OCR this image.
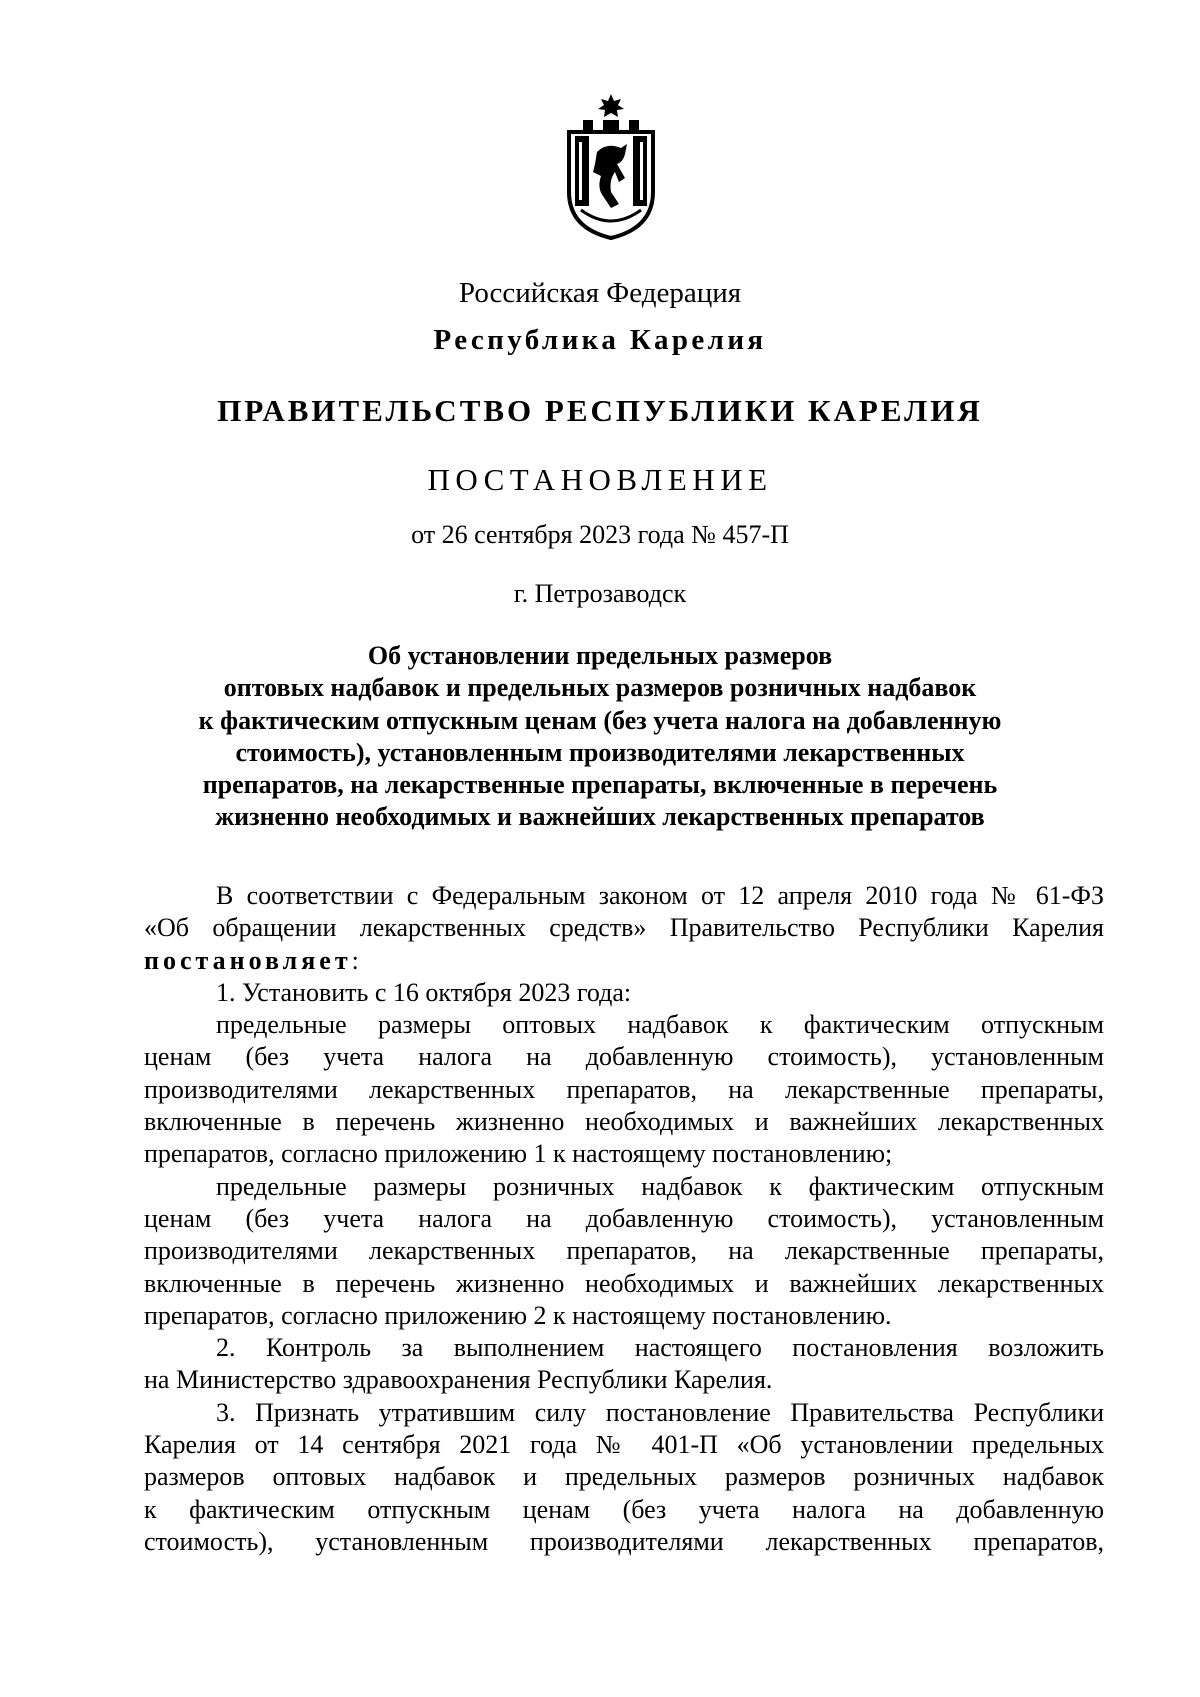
Российская Федерация
Республика Карелия
ПРАВИТЕЛЬСТВО РЕСПУБЛИКИ КАРЕЛИЯ
ПОСТАНОВЛЕНИЕ
от 26 сентября 2023 года № 457-П
г. Петрозаводск
Об установлении предельных размеров
оптовых надбавок и предельных размеров розничных надбавок
к фактическим отпускным ценам (без учета налога на добавленную
стоимость), установленным производителями лекарственных
препаратов, на лекарственные препараты, включенные в перечень
жизненно необходимых и важнейших лекарственных препаратов
В соответствии с Федеральным законом от 12 апреля 2010 года № 61-ФЗ
«Об обращении лекарственных средств» Правительство Республики Карелия
постановляет:
1. Установить с 16 октября 2023 года:
предельные размеры оптовых надбавок к фактическим отпускным
ценам (без учета налога на добавленную стоимость), установленным
производителями лекарственных препаратов, на лекарственные препараты,
включенные в перечень жизненно необходимых и важнейших лекарственных
препаратов, согласно приложению 1 к настоящему постановлению;
предельные размеры розничных надбавок к фактическим отпускным
ценам (без учета налога на добавленную стоимость), установленным
производителями лекарственных препаратов, на лекарственные препараты,
включенные в перечень жизненно необходимых и важнейших лекарственных
препаратов, согласно приложению 2 к настоящему постановлению.
2. Контроль за выполнением настоящего постановления возложить
на Министерство здравоохранения Республики Карелия.
3. Признать утратившим силу постановление Правительства Республики
Карелия от 14 сентября 2021 года № 401-П «Об установлении предельных
размеров оптовых надбавок и предельных размеров розничных надбавок
к фактическим отпускным ценам (без учета налога на добавленную
стоимость), установленным производителями лекарственных препаратов,
